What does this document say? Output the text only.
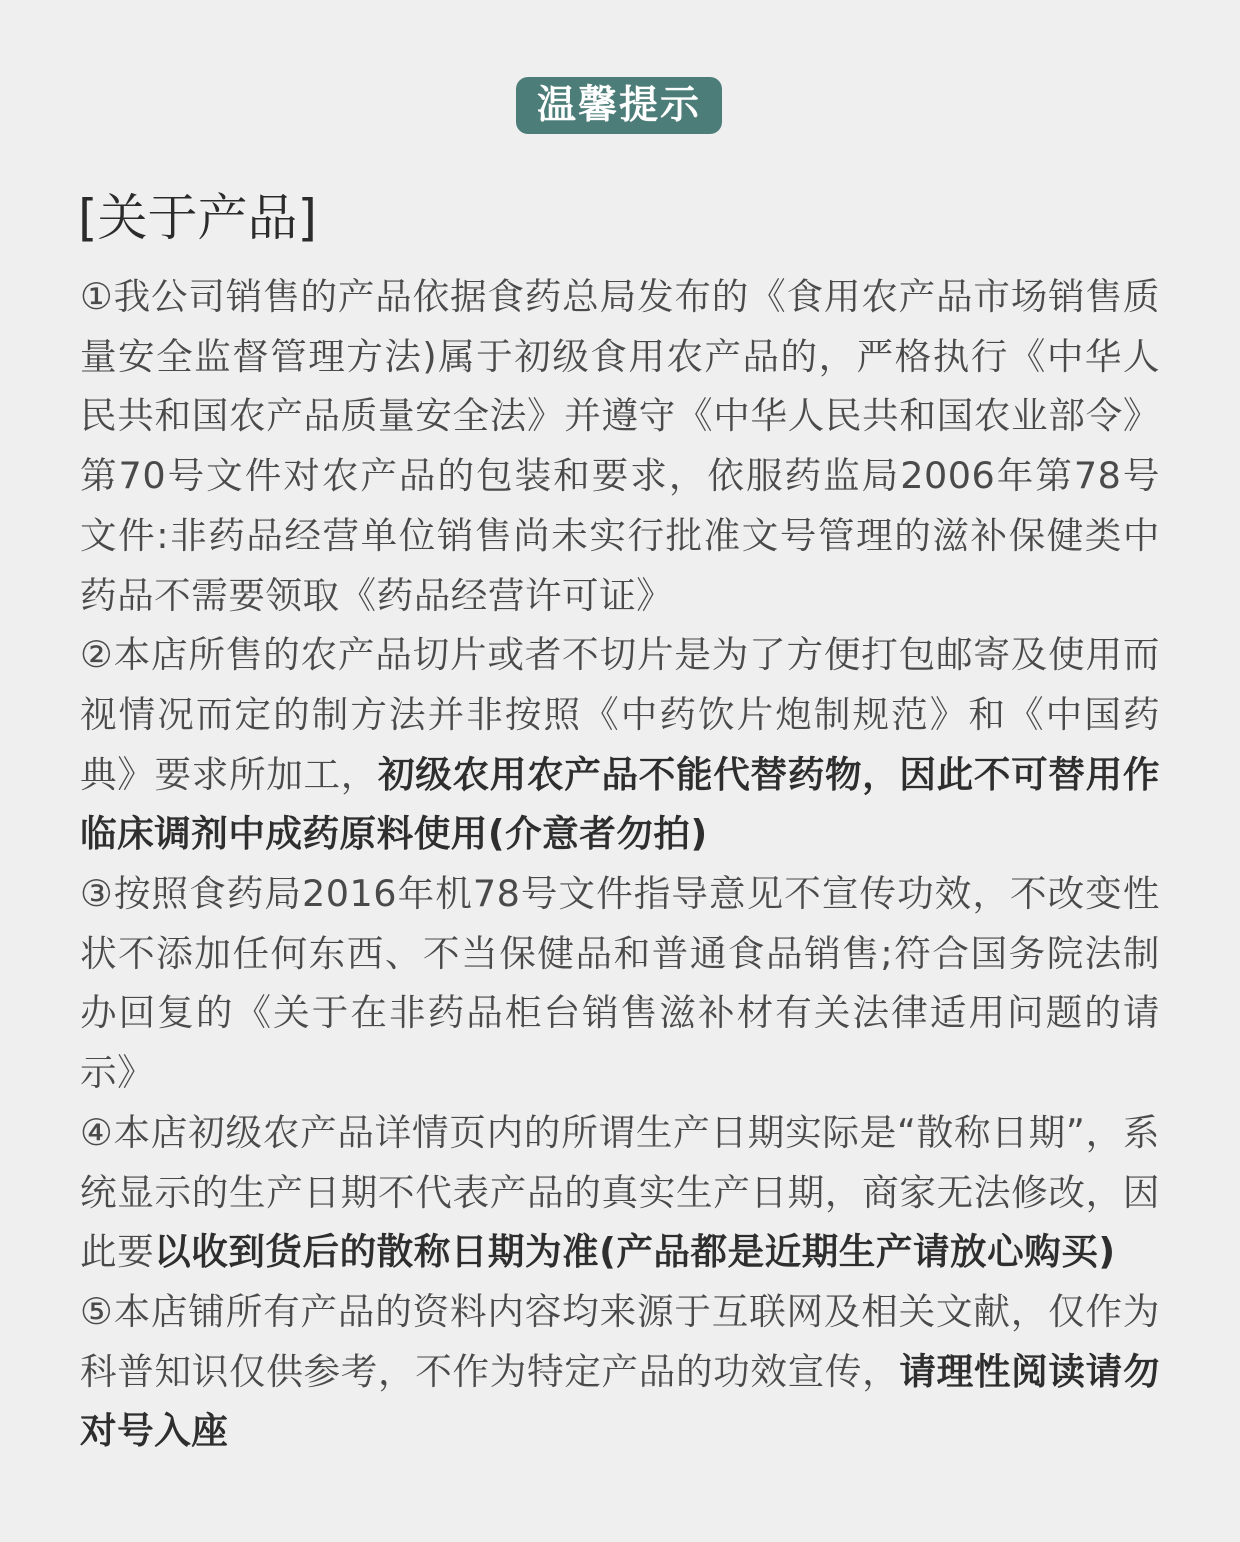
温馨提示
[关于产品]

①我公司销售的产品依据食药总局发布的《食用农产品市场销售质量安全监督管理方法)属于初级食用农产品的，严格执行《中华人民共和国农产品质量安全法》并遵守《中华人民共和国农业部令》第70号文件对农产品的包装和要求，依服药监局2006年第78号文件:非药品经营单位销售尚未实行批准文号管理的滋补保健类中药品不需要领取《药品经营许可证》

②本店所售的农产品切片或者不切片是为了方便打包邮寄及使用而视情况而定的制方法并非按照《中药饮片炮制规范》和《中国药典》要求所加工，初级农用农产品不能代替药物，因此不可替用作临床调剂中成药原料使用(介意者勿拍)

③按照食药局2016年机78号文件指导意见不宣传功效，不改变性状不添加任何东西、不当保健品和普通食品销售;符合国务院法制办回复的《关于在非药品柜台销售滋补材有关法律适用问题的请示》

④本店初级农产品详情页内的所谓生产日期实际是“散称日期”，系统显示的生产日期不代表产品的真实生产日期，商家无法修改，因此要以收到货后的散称日期为准(产品都是近期生产请放心购买)

⑤本店铺所有产品的资料内容均来源于互联网及相关文献，仅作为科普知识仅供参考，不作为特定产品的功效宣传，请理性阅读请勿对号入座
